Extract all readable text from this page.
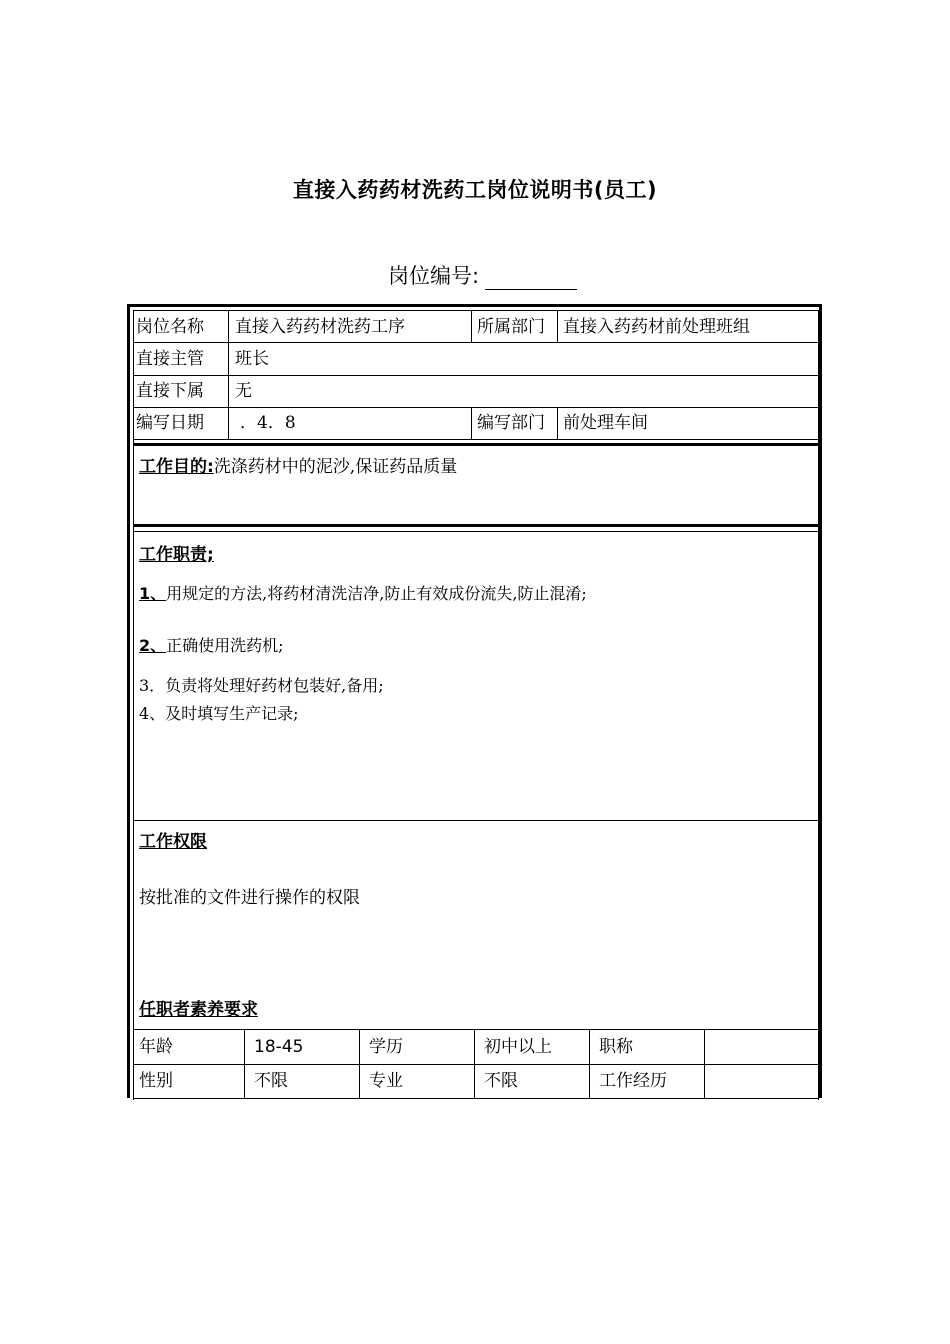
直接入药药材洗药工岗位说明书(员工)
岗位编号:
岗位名称 直接入药药材洗药工序	所属部门 直接入药药材前处理班组
直接主管 班长
直接下属 无
编写日期 ．4．8	编写部门 前处理车间
工作目的:洗涤药材中的泥沙,保证药品质量
工作职责;
1、用规定的方法,将药材清洗洁净,防止有效成份流失,防止混淆;
2、正确使用洗药机;
3．负责将处理好药材包装好,备用;
4、及时填写生产记录;
工作权限
按批准的文件进行操作的权限
任职者素养要求
年龄	18-45	学历	初中以上	职称
性别	不限	专业	不限	工作经历
